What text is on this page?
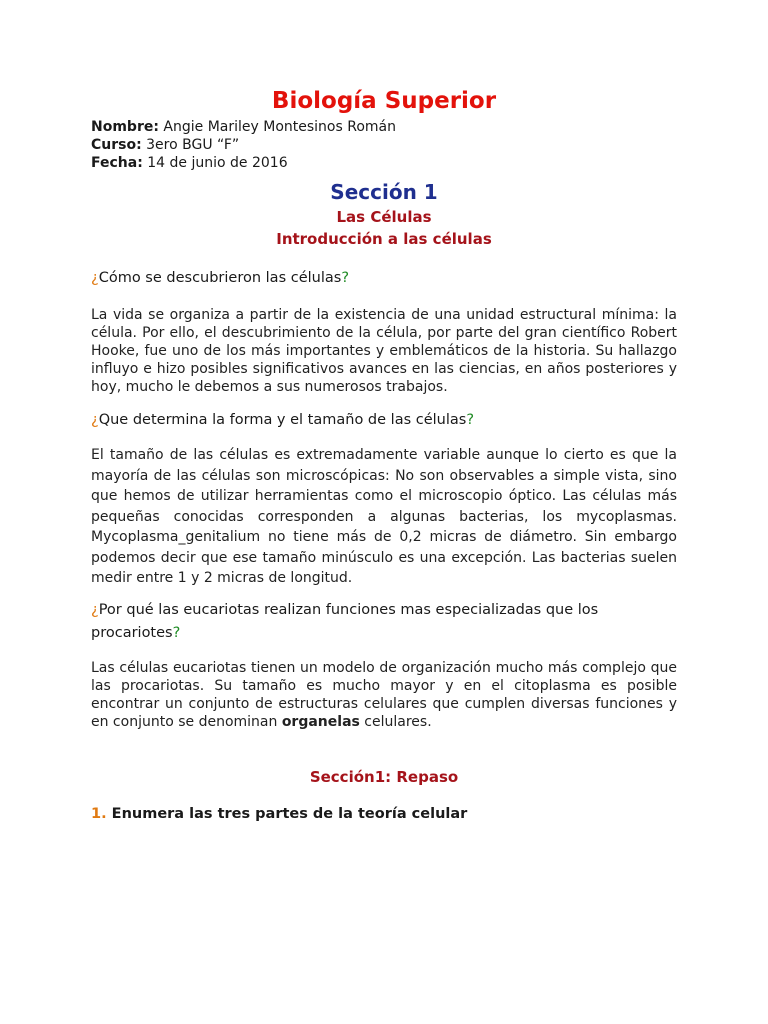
Biología Superior
Nombre: Angie Mariley Montesinos Román
Curso: 3ero BGU “F”
Fecha: 14 de junio de 2016
Sección 1
Las Células
Introducción a las células
¿Cómo se descubrieron las células?

La vida se organiza a partir de la existencia de una unidad estructural mínima: la célula. Por ello, el descubrimiento de la célula, por parte del gran científico Robert Hooke, fue uno de los más importantes y emblemáticos de la historia. Su hallazgo influyo e hizo posibles significativos avances en las ciencias, en años posteriores y hoy, mucho le debemos a sus numerosos trabajos.

¿Que determina la forma y el tamaño de las células?

El tamaño de las células es extremadamente variable aunque lo cierto es que la mayoría de las células son microscópicas: No son observables a simple vista, sino que hemos de utilizar herramientas como el microscopio óptico. Las células más pequeñas conocidas corresponden a algunas bacterias, los mycoplasmas. Mycoplasma_genitalium no tiene más de 0,2 micras de diámetro. Sin embargo podemos decir que ese tamaño minúsculo es una excepción. Las bacterias suelen medir entre 1 y 2 micras de longitud.

¿Por qué las eucariotas realizan funciones mas especializadas que los procariotes?

Las células eucariotas tienen un modelo de organización mucho más complejo que las procariotas. Su tamaño es mucho mayor y en el citoplasma es posible encontrar un conjunto de estructuras celulares que cumplen diversas funciones y en conjunto se denominan organelas celulares.

Sección1: Repaso
1. Enumera las tres partes de la teoría celular
